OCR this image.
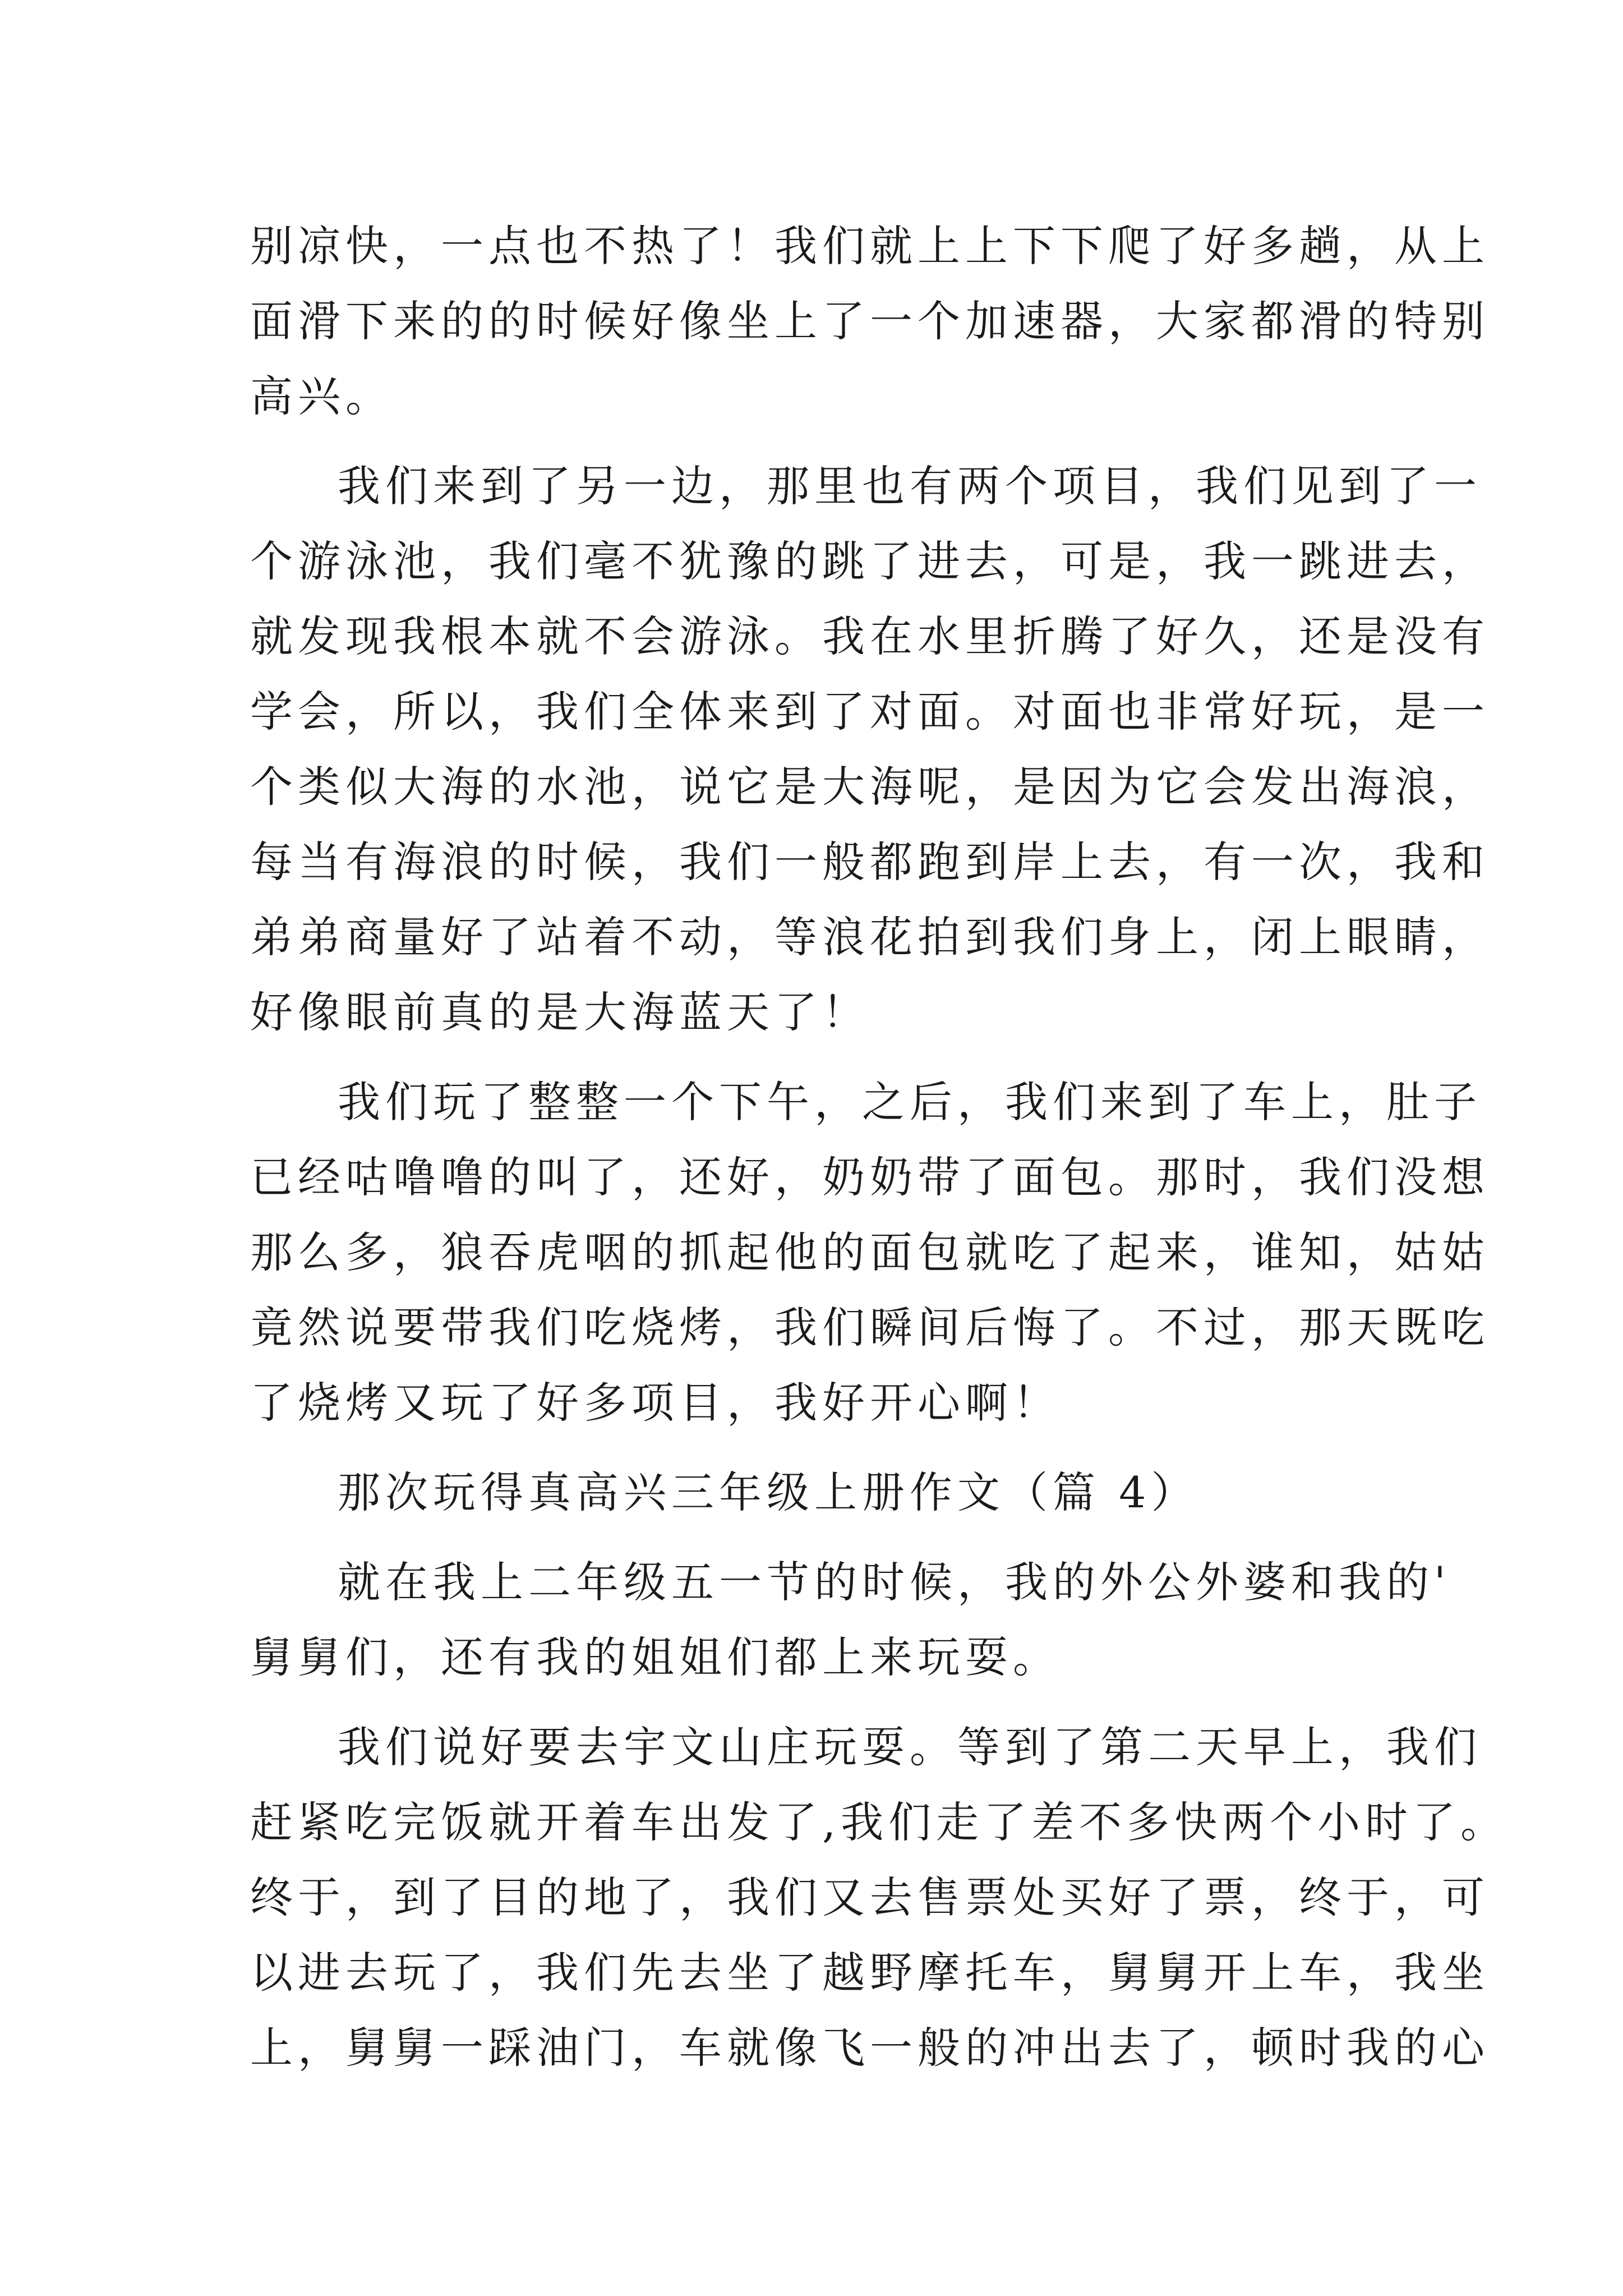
别凉快，一点也不热了！我们就上上下下爬了好多趟，从上
面滑下来的的时候好像坐上了一个加速器，大家都滑的特别
高兴。
我们来到了另一边，那里也有两个项目，我们见到了一
个游泳池，我们毫不犹豫的跳了进去，可是，我一跳进去，
就发现我根本就不会游泳。我在水里折腾了好久，还是没有
学会，所以，我们全体来到了对面。对面也非常好玩，是一
个类似大海的水池，说它是大海呢，是因为它会发出海浪，
每当有海浪的时候，我们一般都跑到岸上去，有一次，我和
弟弟商量好了站着不动，等浪花拍到我们身上，闭上眼睛，
好像眼前真的是大海蓝天了！
我们玩了整整一个下午，之后，我们来到了车上，肚子
已经咕噜噜的叫了，还好，奶奶带了面包。那时，我们没想
那么多，狼吞虎咽的抓起他的面包就吃了起来，谁知，姑姑
竟然说要带我们吃烧烤，我们瞬间后悔了。不过，那天既吃
了烧烤又玩了好多项目，我好开心啊！
那次玩得真高兴三年级上册作文（篇 4）
就在我上二年级五一节的时候，我的外公外婆和我的'
舅舅们，还有我的姐姐们都上来玩耍。
我们说好要去宇文山庄玩耍。等到了第二天早上，我们
赶紧吃完饭就开着车出发了,我们走了差不多快两个小时了。
终于，到了目的地了，我们又去售票处买好了票，终于，可
以进去玩了，我们先去坐了越野摩托车，舅舅开上车，我坐
上，舅舅一踩油门，车就像飞一般的冲出去了，顿时我的心
